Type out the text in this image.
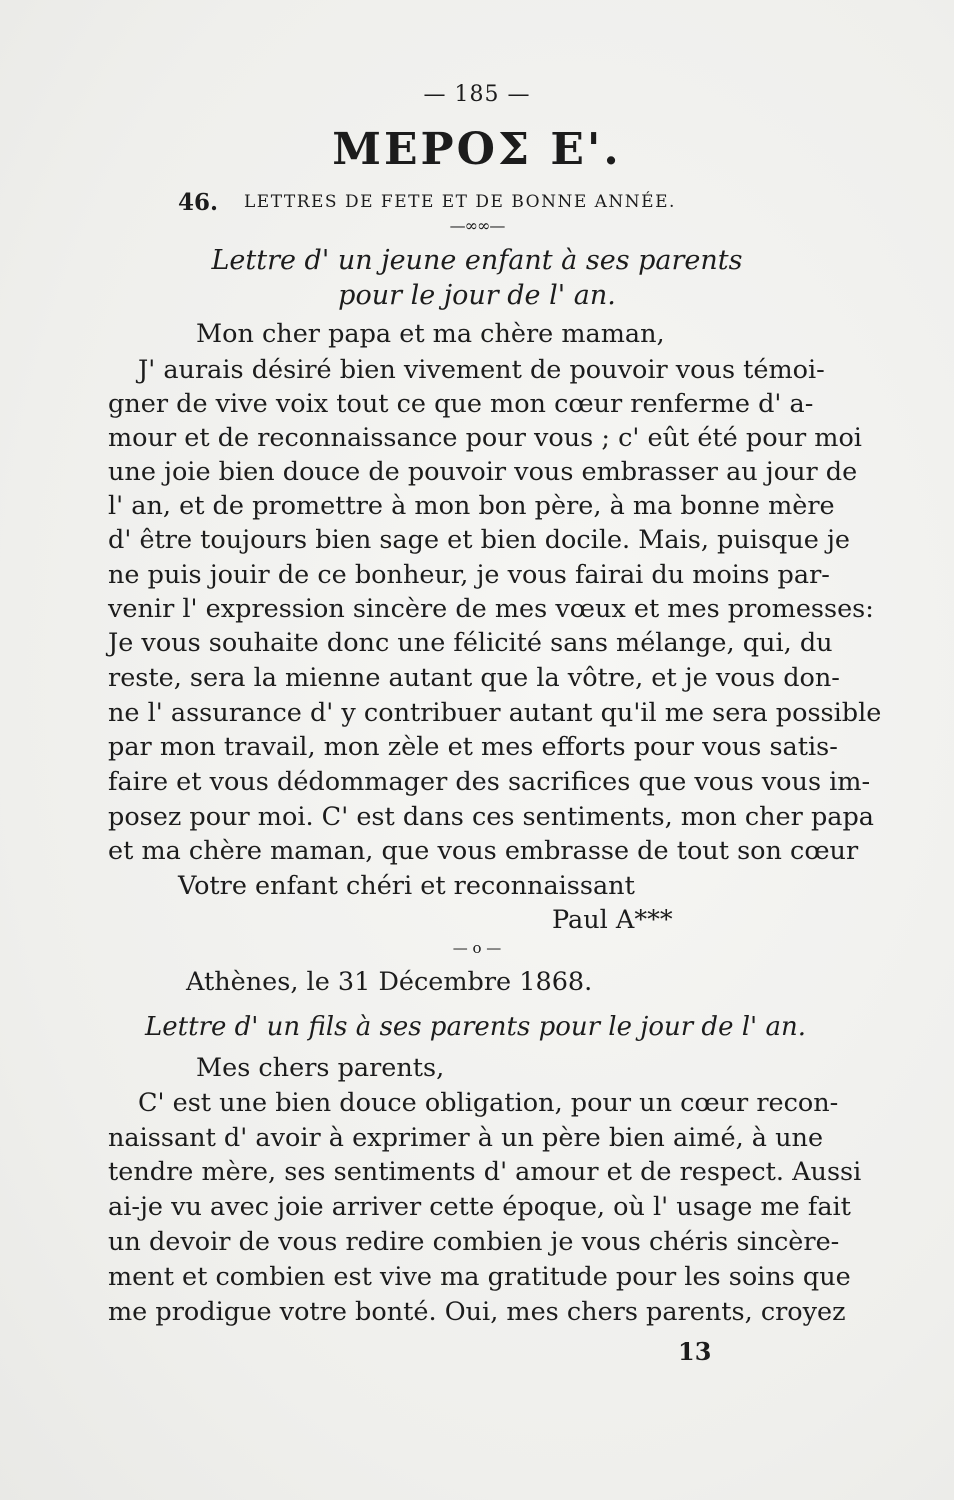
— 185 —
ΜΕΡΟΣ Ε'.
46. LETTRES DE FETE ET DE BONNE ANNÉE.
—∞∞—
Lettre d' un jeune enfant à ses parents
pour le jour de l' an.
Mon cher papa et ma chère maman,
J' aurais désiré bien vivement de pouvoir vous témoi-
gner de vive voix tout ce que mon cœur renferme d' a-
mour et de reconnaissance pour vous ; c' eût été pour moi
une joie bien douce de pouvoir vous embrasser au jour de
l' an, et de promettre à mon bon père, à ma bonne mère
d' être toujours bien sage et bien docile. Mais, puisque je
ne puis jouir de ce bonheur, je vous fairai du moins par-
venir l' expression sincère de mes vœux et mes promesses:
Je vous souhaite donc une félicité sans mélange, qui, du
reste, sera la mienne autant que la vôtre, et je vous don-
ne l' assurance d' y contribuer autant qu'il me sera possible
par mon travail, mon zèle et mes efforts pour vous satis-
faire et vous dédommager des sacrifices que vous vous im-
posez pour moi. C' est dans ces sentiments, mon cher papa
et ma chère maman, que vous embrasse de tout son cœur
Votre enfant chéri et reconnaissant
Paul A***
— o —
Athènes, le 31 Décembre 1868.
Lettre d' un fils à ses parents pour le jour de l' an.
Mes chers parents,
C' est une bien douce obligation, pour un cœur recon-
naissant d' avoir à exprimer à un père bien aimé, à une
tendre mère, ses sentiments d' amour et de respect. Aussi
ai-je vu avec joie arriver cette époque, où l' usage me fait
un devoir de vous redire combien je vous chéris sincère-
ment et combien est vive ma gratitude pour les soins que
me prodigue votre bonté. Oui, mes chers parents, croyez
13
